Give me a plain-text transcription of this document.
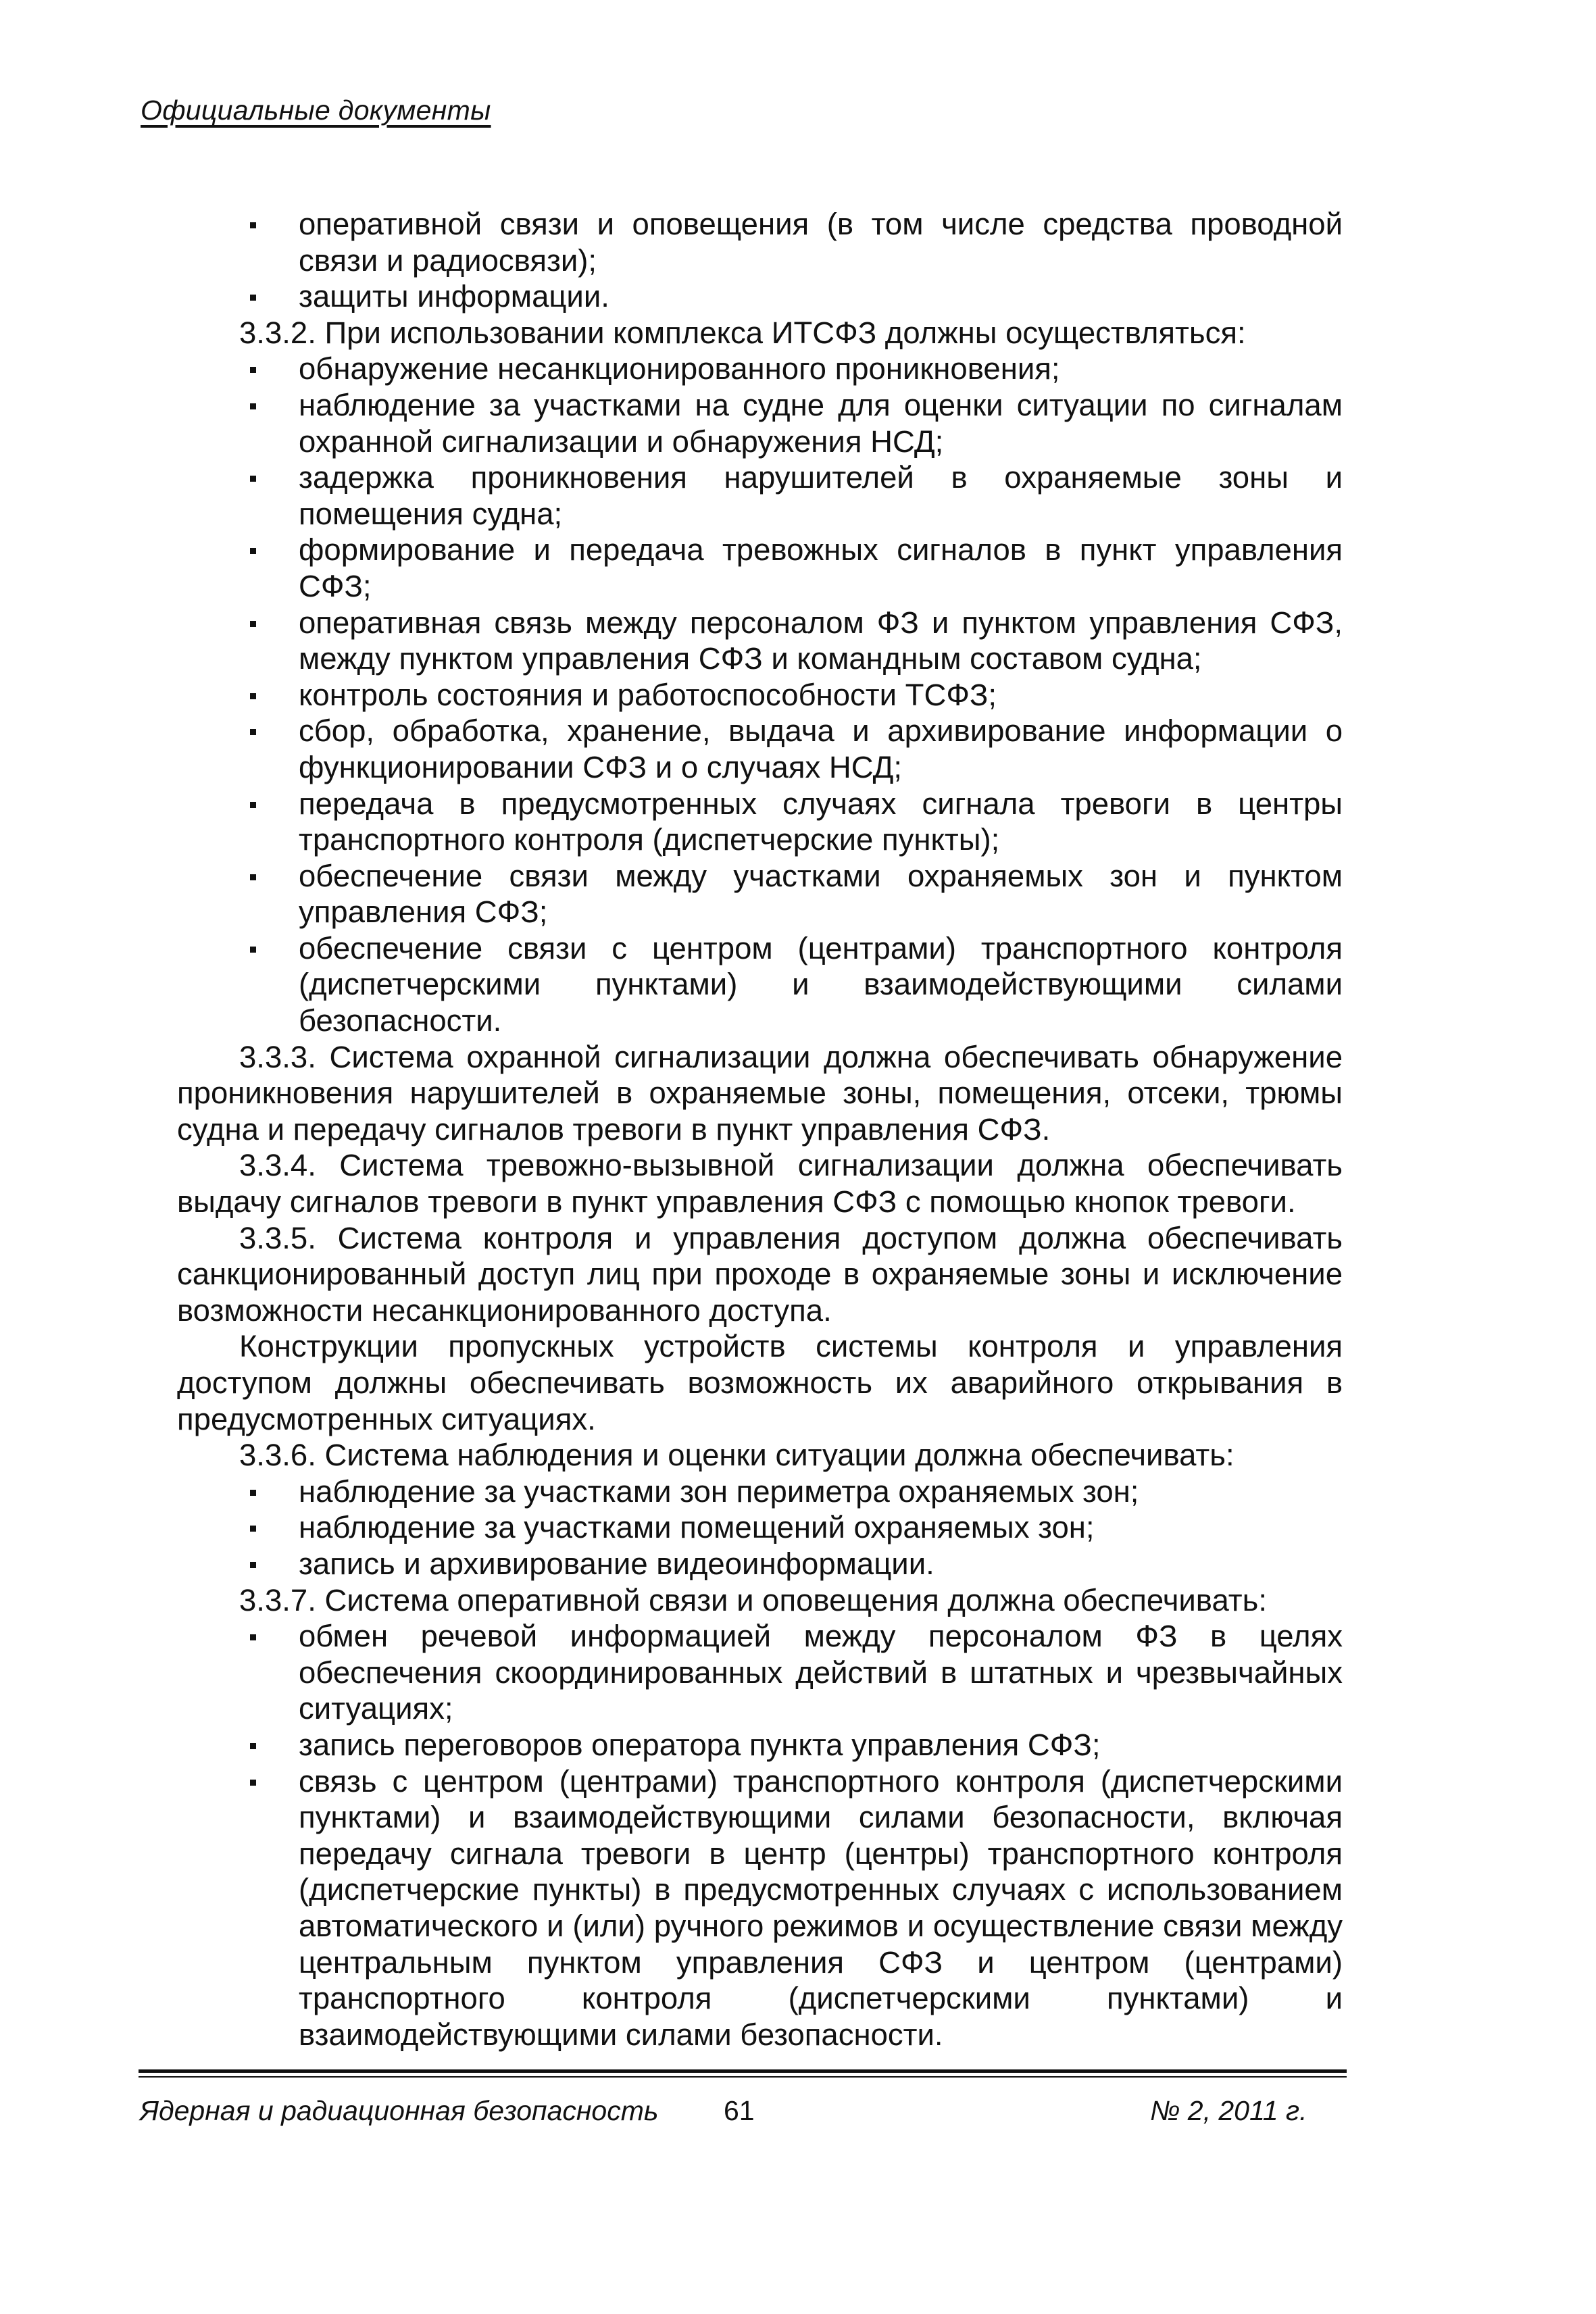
Официальные документы
оперативной связи и оповещения (в том числе средства проводной связи и радиосвязи);
защиты информации.

3.3.2. При использовании комплекса ИТСФЗ должны осуществляться:

обнаружение несанкционированного проникновения;
наблюдение за участками на судне для оценки ситуации по сигналам охранной сигнализации и обнаружения НСД;
задержка проникновения нарушителей в охраняемые зоны и помещения судна;
формирование и передача тревожных сигналов в пункт управления СФЗ;
оперативная связь между персоналом ФЗ и пунктом управления СФЗ, между пунктом управления СФЗ и командным составом судна;
контроль состояния и работоспособности ТСФЗ;
сбор, обработка, хранение, выдача и архивирование информации о функционировании СФЗ и о случаях НСД;
передача в предусмотренных случаях сигнала тревоги в центры транспортного контроля (диспетчерские пункты);
обеспечение связи между участками охраняемых зон и пунктом управления СФЗ;
обеспечение связи с центром (центрами) транспортного контроля (диспетчерскими пунктами) и взаимодействующими силами безопасности.

3.3.3. Система охранной сигнализации должна обеспечивать обнаружение проникновения нарушителей в охраняемые зоны, помещения, отсеки, трюмы судна и передачу сигналов тревоги в пункт управления СФЗ.

3.3.4. Система тревожно-вызывной сигнализации должна обеспечивать выдачу сигналов тревоги в пункт управления СФЗ с помощью кнопок тревоги.

3.3.5. Система контроля и управления доступом должна обеспечивать санкционированный доступ лиц при проходе в охраняемые зоны и исключение возможности несанкционированного доступа.

Конструкции пропускных устройств системы контроля и управления доступом должны обеспечивать возможность их аварийного открывания в предусмотренных ситуациях.

3.3.6. Система наблюдения и оценки ситуации должна обеспечивать:

наблюдение за участками зон периметра охраняемых зон;
наблюдение за участками помещений охраняемых зон;
запись и архивирование видеоинформации.

3.3.7. Система оперативной связи и оповещения должна обеспечивать:

обмен речевой информацией между персоналом ФЗ в целях обеспечения скоординированных действий в штатных и чрезвычайных ситуациях;
запись переговоров оператора пункта управления СФЗ;
связь с центром (центрами) транспортного контроля (диспетчерскими пунктами) и взаимодействующими силами безопасности, включая передачу сигнала тревоги в центр (центры) транспортного контроля (диспетчерские пункты) в предусмотренных случаях с использованием автоматического и (или) ручного режимов и осуществление связи между центральным пунктом управления СФЗ и центром (центрами) транспортного контроля (диспетчерскими пунктами) и взаимодействующими силами безопасности.
Ядерная и радиационная безопасность 61	№ 2, 2011 г.
